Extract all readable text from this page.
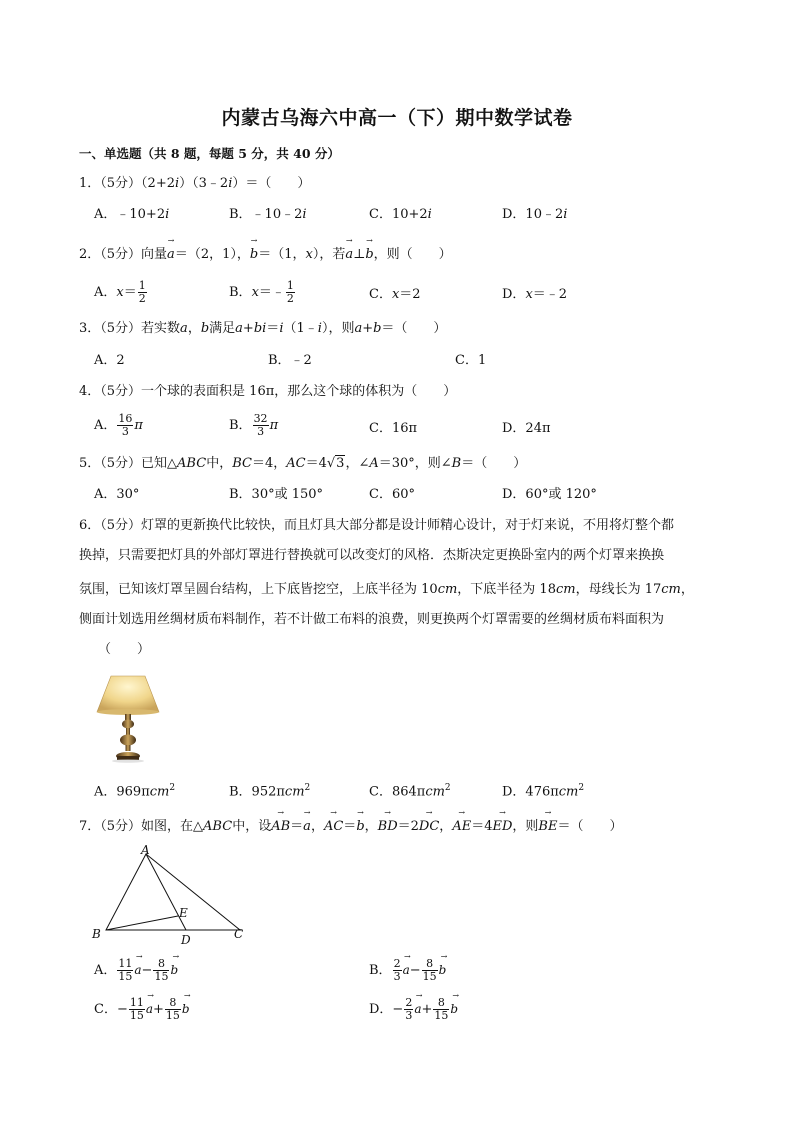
内蒙古乌海六中高一（下）期中数学试卷
一、单选题（共 8 题，每题 5 分，共 40 分）
1．（5分）（2+2i）（3﹣2i）＝（　　）
A．﹣10+2i	B．﹣10﹣2i	C．10+2i	D．10﹣2i
2．（5分）向量→ a＝（2，1），→ b＝（1，x），若→ a⊥→ b，则（　　）
A．$x= \frac{1}{2}$	B．x＝﹣ $\frac{1}{2}$	C．x＝2	D．x＝﹣2
3．（5分）若实数a，b满足a+bi＝i（1﹣i），则a+b＝（　　）
A．2	B．﹣2	C．1
4．（5分）一个球的表面积是 16π，那么这个球的体积为（　　）
A． $\frac{16}{3}$ π	B． $\frac{32}{3}$ π	C．16π	D．24π
5．（5分）已知△ABC中，BC＝4，AC＝4√3，∠A＝30°，则∠B＝（　　）
A．30°	B．30°或 150°	C．60°	D．60°或 120°
6．（5分）灯罩的更新换代比较快，而且灯具大部分都是设计师精心设计，对于灯来说，不用将灯整个都
换掉，只需要把灯具的外部灯罩进行替换就可以改变灯的风格．杰斯决定更换卧室内的两个灯罩来换换
氛围，已知该灯罩呈圆台结构，上下底皆挖空，上底半径为 10cm，下底半径为 18cm，母线长为 17cm，
侧面计划选用丝绸材质布料制作，若不计做工布料的浪费，则更换两个灯罩需要的丝绸材质布料面积为
（　　）
A．969πcm$^2$	B．952πcm$^2$	C．864πcm$^2$	D．476πcm$^2$
7．（5分）如图，在△ABC中，设→ AB＝→ a，→ AC＝→ b，→ BD＝2→ DC，→ AE＝4→ ED，则→ BE＝（　　）
A
B	C
D
E
A． $\frac{11}{15}$
→ $a- \frac{8}{15}$
→ b	B． $\frac{2}{3}$
→ $a- \frac{8}{15}$
→ b
C．− $\frac{11}{15}$
→ $a+ \frac{8}{15}$
→ b	D．− $\frac{2}{3}$
→ $a+ \frac{8}{15}$
→ b
